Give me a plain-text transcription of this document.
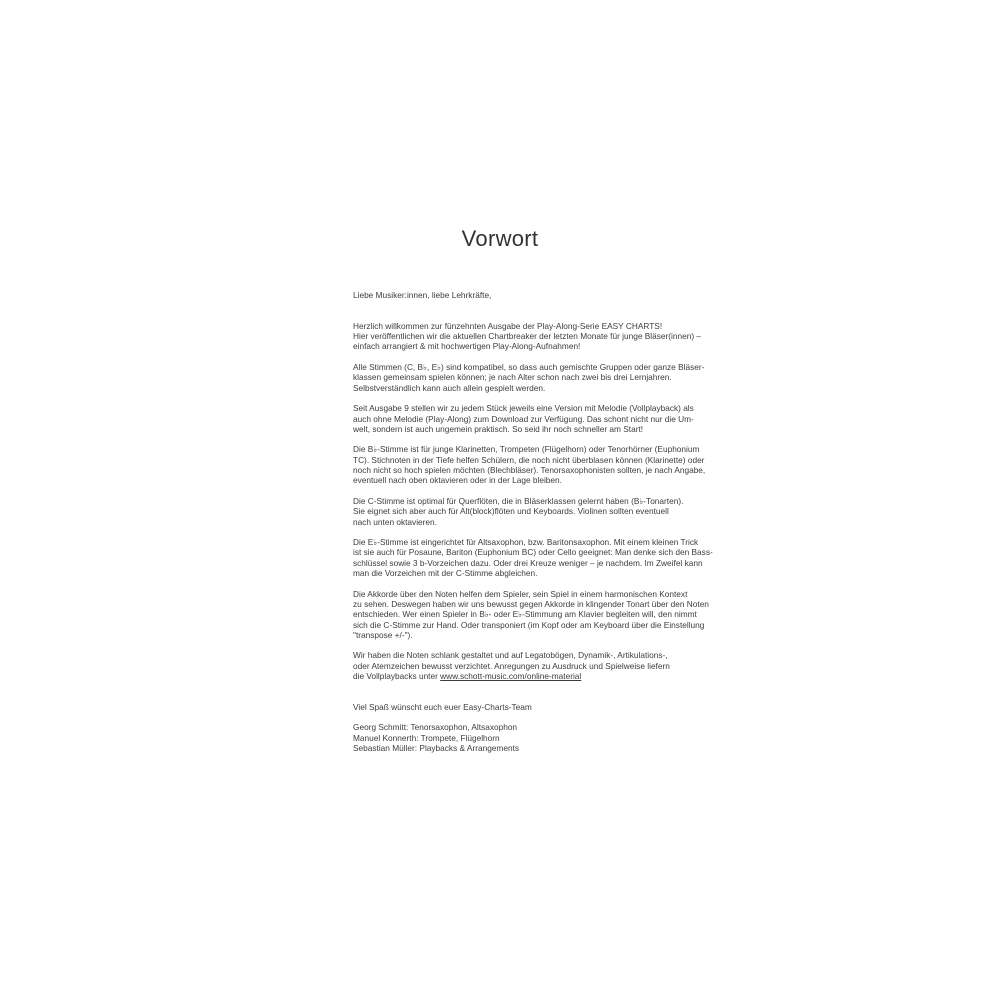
Vorwort
Liebe Musiker:innen, liebe Lehrkräfte,
Herzlich willkommen zur fünzehnten Ausgabe der Play-Along-Serie EASY CHARTS!
Hier veröffentlichen wir die aktuellen Chartbreaker der letzten Monate für junge Bläser(innen) –
einfach arrangiert & mit hochwertigen Play-Along-Aufnahmen!
Alle Stimmen (C, B♭, E♭) sind kompatibel, so dass auch gemischte Gruppen oder ganze Bläser-
klassen gemeinsam spielen können; je nach Alter schon nach zwei bis drei Lernjahren.
Selbstverständlich kann auch allein gespielt werden.
Seit Ausgabe 9 stellen wir zu jedem Stück jeweils eine Version mit Melodie (Vollplayback) als
auch ohne Melodie (Play-Along) zum Download zur Verfügung. Das schont nicht nur die Um-
welt, sondern ist auch ungemein praktisch. So seid ihr noch schneller am Start!
Die B♭-Stimme ist für junge Klarinetten, Trompeten (Flügelhorn) oder Tenorhörner (Euphonium
TC). Stichnoten in der Tiefe helfen Schülern, die noch nicht überblasen können (Klarinette) oder
noch nicht so hoch spielen möchten (Blechbläser). Tenorsaxophonisten sollten, je nach Angabe,
eventuell nach oben oktavieren oder in der Lage bleiben.
Die C-Stimme ist optimal für Querflöten, die in Bläserklassen gelernt haben (B♭-Tonarten).
Sie eignet sich aber auch für Alt(block)flöten und Keyboards. Violinen sollten eventuell
nach unten oktavieren.
Die E♭-Stimme ist eingerichtet für Altsaxophon, bzw. Baritonsaxophon. Mit einem kleinen Trick
ist sie auch für Posaune, Bariton (Euphonium BC) oder Cello geeignet: Man denke sich den Bass-
schlüssel sowie 3 b-Vorzeichen dazu. Oder drei Kreuze weniger – je nachdem. Im Zweifel kann
man die Vorzeichen mit der C-Stimme abgleichen.
Die Akkorde über den Noten helfen dem Spieler, sein Spiel in einem harmonischen Kontext
zu sehen. Deswegen haben wir uns bewusst gegen Akkorde in klingender Tonart über den Noten
entschieden. Wer einen Spieler in B♭- oder E♭-Stimmung am Klavier begleiten will, den nimmt
sich die C-Stimme zur Hand. Oder transponiert (im Kopf oder am Keyboard über die Einstellung
"transpose +/-").
Wir haben die Noten schlank gestaltet und auf Legatobögen, Dynamik-, Artikulations-,
oder Atemzeichen bewusst verzichtet. Anregungen zu Ausdruck und Spielweise liefern
die Vollplaybacks unter www.schott-music.com/online-material
Viel Spaß wünscht euch euer Easy-Charts-Team
Georg Schmitt: Tenorsaxophon, Altsaxophon
Manuel Konnerth: Trompete, Flügelhorn
Sebastian Müller: Playbacks & Arrangements
